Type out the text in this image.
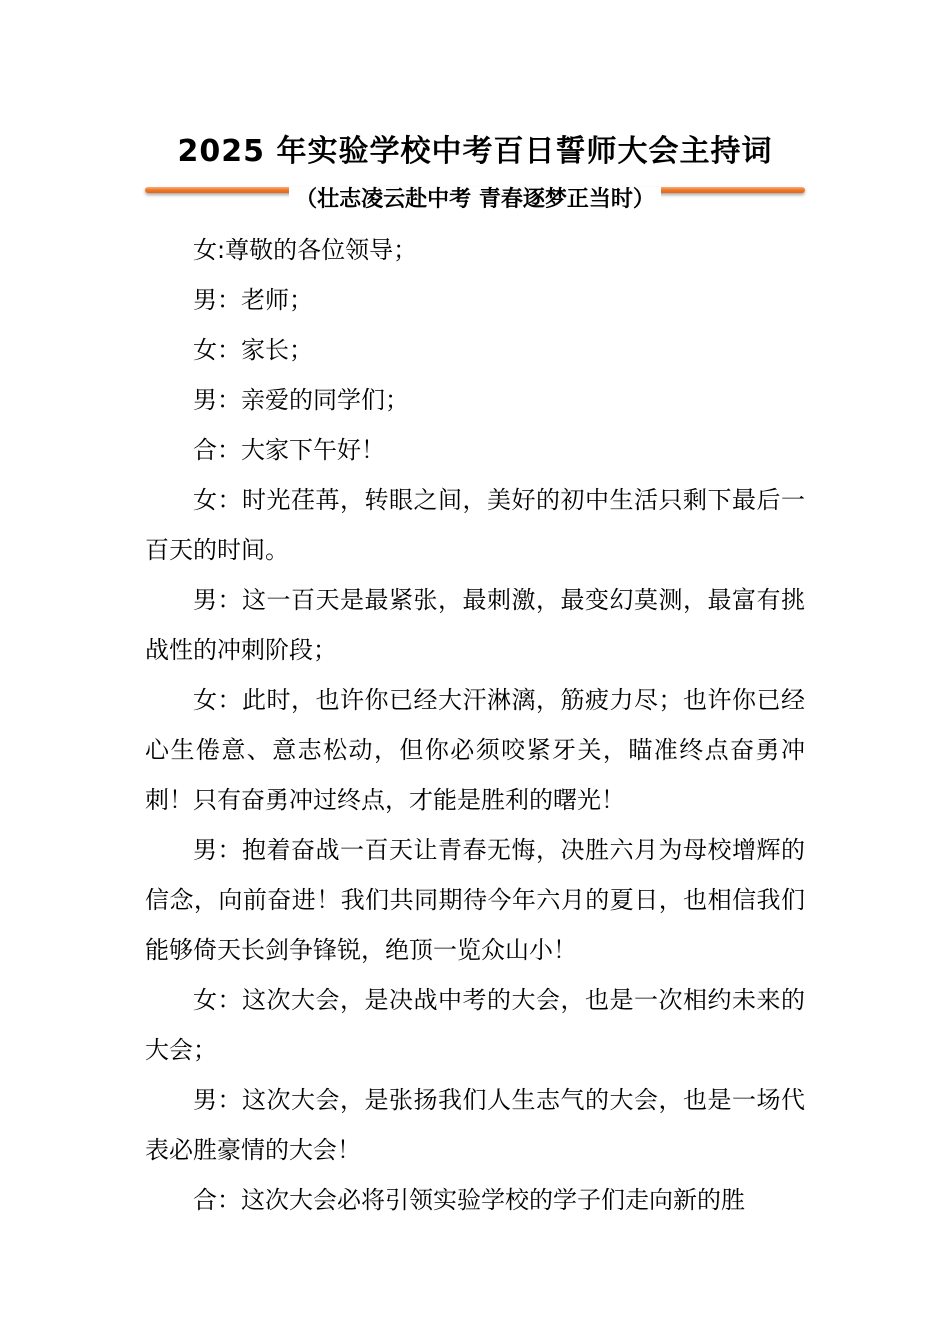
2025 年实验学校中考百日誓师大会主持词
（壮志凌云赴中考 青春逐梦正当时）

女:尊敬的各位领导；

男：老师；

女：家长；

男：亲爱的同学们；

合：大家下午好！

女：时光荏苒，转眼之间，美好的初中生活只剩下最后一百天的时间。

男：这一百天是最紧张，最刺激，最变幻莫测，最富有挑战性的冲刺阶段；

女：此时，也许你已经大汗淋漓，筋疲力尽；也许你已经心生倦意、意志松动，但你必须咬紧牙关，瞄准终点奋勇冲刺！只有奋勇冲过终点，才能是胜利的曙光！

男：抱着奋战一百天让青春无悔，决胜六月为母校增辉的信念，向前奋进！我们共同期待今年六月的夏日，也相信我们能够倚天长剑争锋锐，绝顶一览众山小！

女：这次大会，是决战中考的大会，也是一次相约未来的大会；

男：这次大会，是张扬我们人生志气的大会，也是一场代表必胜豪情的大会！

合：这次大会必将引领实验学校的学子们走向新的胜
